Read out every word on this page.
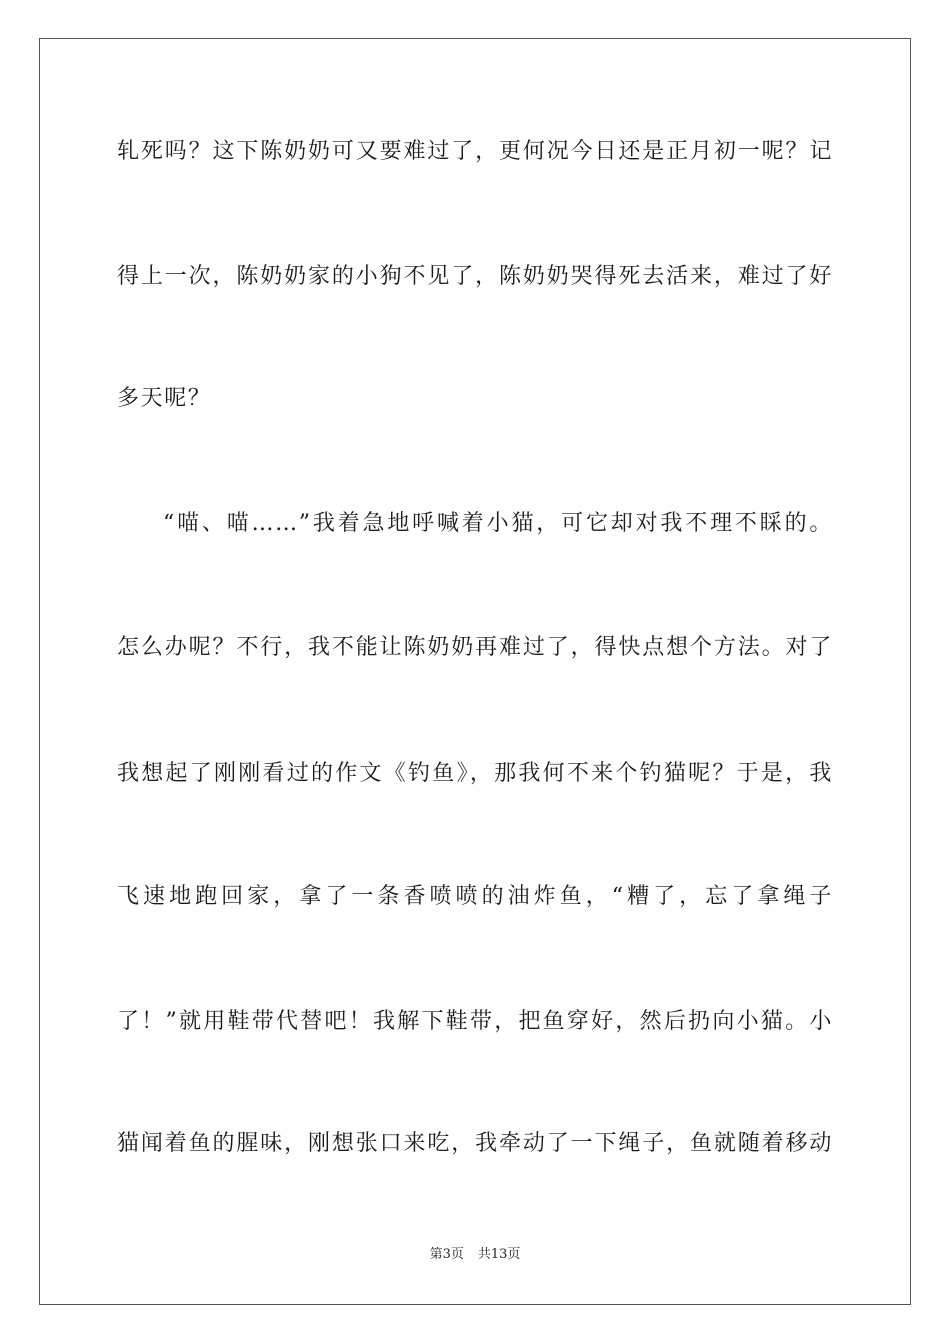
轧死吗？这下陈奶奶可又要难过了，更何况今日还是正月初一呢？记
得上一次，陈奶奶家的小狗不见了，陈奶奶哭得死去活来，难过了好
多天呢？
“喵、喵……”我着急地呼喊着小猫，可它却对我不理不睬的。
怎么办呢？不行，我不能让陈奶奶再难过了，得快点想个方法。对了
我想起了刚刚看过的作文《钓鱼》，那我何不来个钓猫呢？于是，我
飞速地跑回家，拿了一条香喷喷的油炸鱼，“糟了，忘了拿绳子
了！”就用鞋带代替吧！我解下鞋带，把鱼穿好，然后扔向小猫。小
猫闻着鱼的腥味，刚想张口来吃，我牵动了一下绳子，鱼就随着移动
第3页 共13页
